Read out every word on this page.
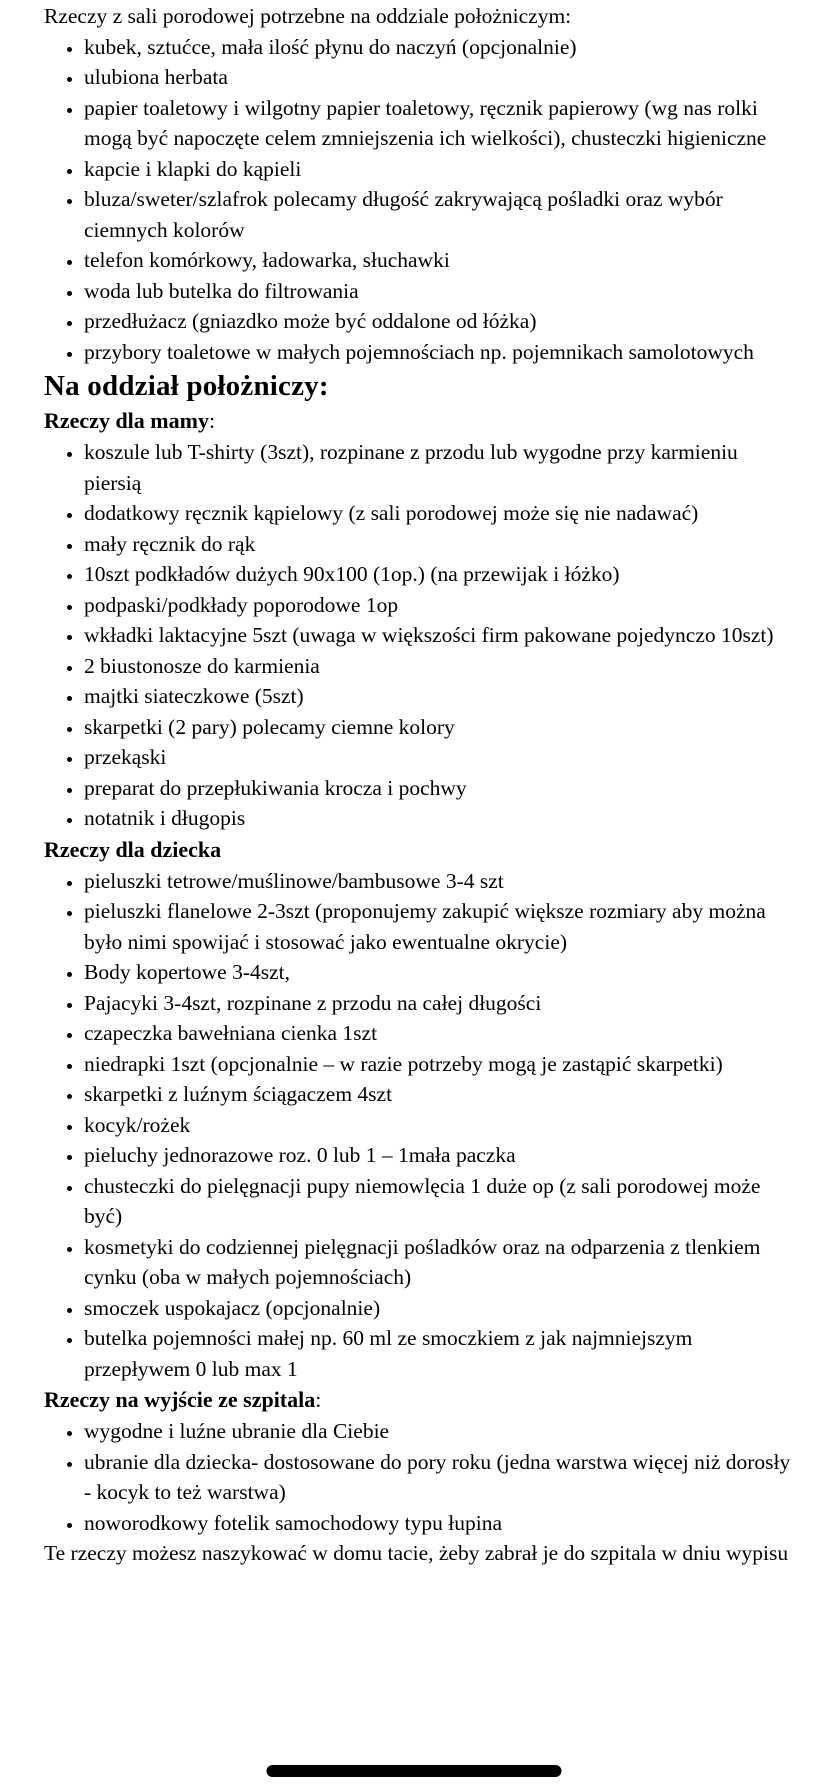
Rzeczy z sali porodowej potrzebne na oddziale położniczym:

• kubek, sztućce, mała ilość płynu do naczyń (opcjonalnie)
• ulubiona herbata
• papier toaletowy i wilgotny papier toaletowy, ręcznik papierowy (wg nas rolki mogą być napoczęte celem zmniejszenia ich wielkości), chusteczki higieniczne
• kapcie i klapki do kąpieli
• bluza/sweter/szlafrok polecamy długość zakrywającą pośladki oraz wybór ciemnych kolorów
• telefon komórkowy, ładowarka, słuchawki
• woda lub butelka do filtrowania
• przedłużacz (gniazdko może być oddalone od łóżka)
• przybory toaletowe w małych pojemnościach np. pojemnikach samolotowych

Na oddział położniczy:

Rzeczy dla mamy:

• koszule lub T-shirty (3szt), rozpinane z przodu lub wygodne przy karmieniu piersią
• dodatkowy ręcznik kąpielowy (z sali porodowej może się nie nadawać)
• mały ręcznik do rąk
• 10szt podkładów dużych 90x100 (1op.) (na przewijak i łóżko)
• podpaski/podkłady poporodowe 1op
• wkładki laktacyjne 5szt (uwaga w większości firm pakowane pojedynczo 10szt)
• 2 biustonosze do karmienia
• majtki siateczkowe (5szt)
• skarpetki (2 pary) polecamy ciemne kolory
• przekąski
• preparat do przepłukiwania krocza i pochwy
• notatnik i długopis

Rzeczy dla dziecka

• pieluszki tetrowe/muślinowe/bambusowe 3-4 szt
• pieluszki flanelowe 2-3szt (proponujemy zakupić większe rozmiary aby można było nimi spowijać i stosować jako ewentualne okrycie)
• Body kopertowe 3-4szt,
• Pajacyki 3-4szt, rozpinane z przodu na całej długości
• czapeczka bawełniana cienka 1szt
• niedrapki 1szt (opcjonalnie – w razie potrzeby mogą je zastąpić skarpetki)
• skarpetki z luźnym ściągaczem 4szt
• kocyk/rożek
• pieluchy jednorazowe roz. 0 lub 1 – 1mała paczka
• chusteczki do pielęgnacji pupy niemowlęcia 1 duże op (z sali porodowej może być)
• kosmetyki do codziennej pielęgnacji pośladków oraz na odparzenia z tlenkiem cynku (oba w małych pojemnościach)
• smoczek uspokajacz (opcjonalnie)
• butelka pojemności małej np. 60 ml ze smoczkiem z jak najmniejszym przepływem 0 lub max 1

Rzeczy na wyjście ze szpitala:

• wygodne i luźne ubranie dla Ciebie
• ubranie dla dziecka- dostosowane do pory roku (jedna warstwa więcej niż dorosły - kocyk to też warstwa)
• noworodkowy fotelik samochodowy typu łupina

Te rzeczy możesz naszykować w domu tacie, żeby zabrał je do szpitala w dniu wypisu
